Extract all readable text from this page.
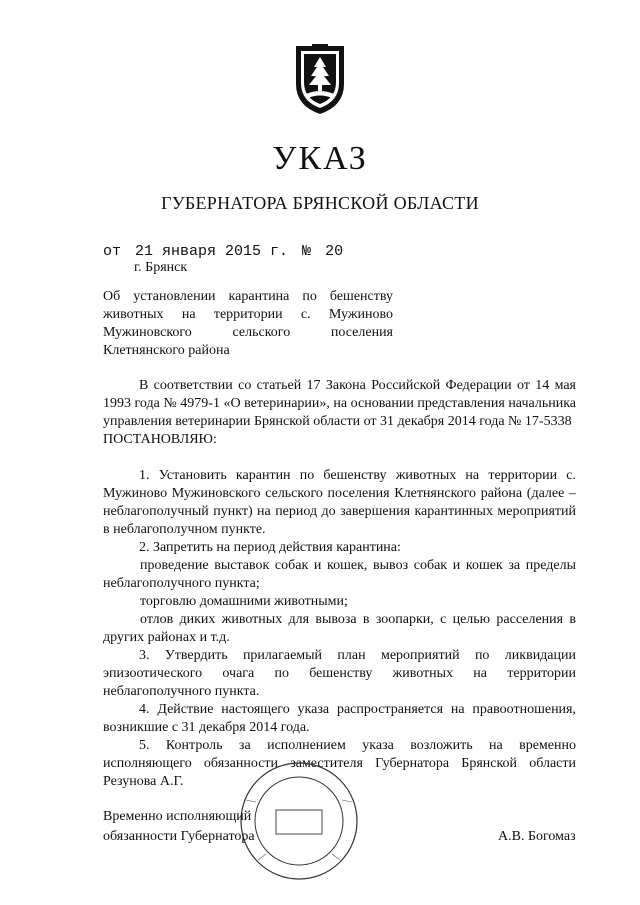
УКАЗ
ГУБЕРНАТОРА БРЯНСКОЙ ОБЛАСТИ
от 21 января 2015 г. № 20
г. Брянск
Об установлении карантина по бешенству животных на территории с. Мужиново Мужиновского сельского поселения Клетнянского района

В соответствии со статьей 17 Закона Российской Федерации от 14 мая 1993 года № 4979-1 «О ветеринарии», на основании представления начальника управления ветеринарии Брянской области от 31 декабря 2014 года № 17-5338

ПОСТАНОВЛЯЮ:

1. Установить карантин по бешенству животных на территории с. Мужиново Мужиновского сельского поселения Клетнянского района (далее – неблагополучный пункт) на период до завершения карантинных мероприятий в неблагополучном пункте.

2. Запретить на период действия карантина:

проведение выставок собак и кошек, вывоз собак и кошек за пределы неблагополучного пункта;

торговлю домашними животными;

отлов диких животных для вывоза в зоопарки, с целью расселения в других районах и т.д.

3. Утвердить прилагаемый план мероприятий по ликвидации эпизоотического очага по бешенству животных на территории неблагополучного пункта.

4. Действие настоящего указа распространяется на правоотношения, возникшие с 31 декабря 2014 года.

5. Контроль за исполнением указа возложить на временно исполняющего обязанности заместителя Губернатора Брянской области Резунова А.Г.

Временно исполняющий
обязанности Губернатора	А.В. Богомаз
